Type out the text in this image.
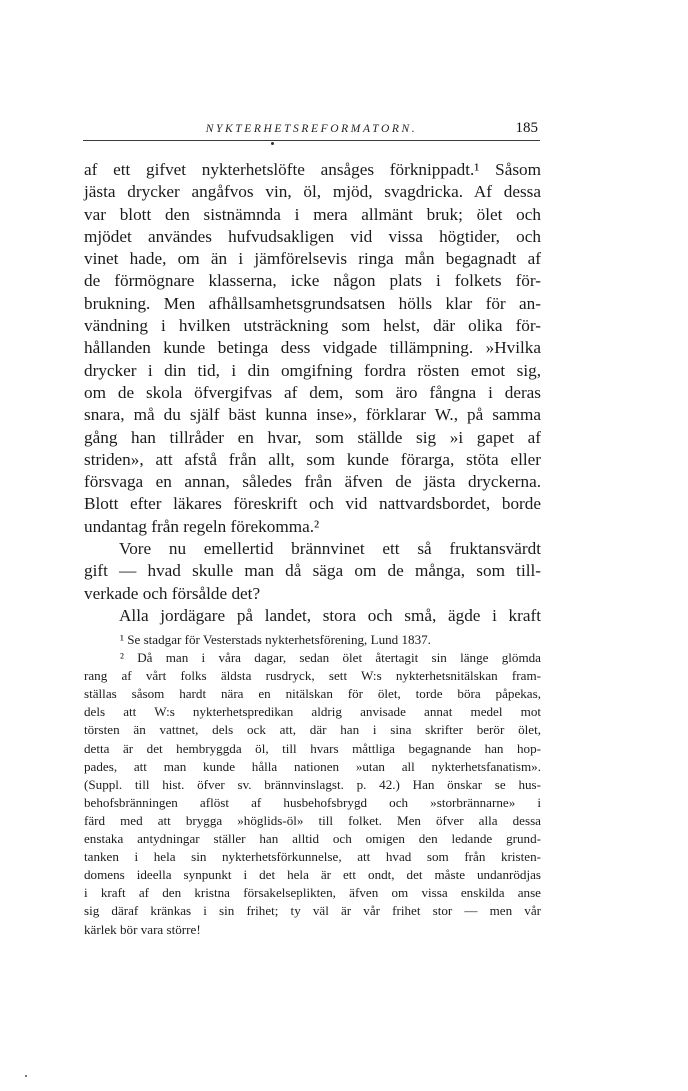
NYKTERHETSREFORMATORN.	185
af ett gifvet nykterhetslöfte ansåges förknippadt.¹ Såsom
jästa drycker angåfvos vin, öl, mjöd, svagdricka. Af dessa
var blott den sistnämnda i mera allmänt bruk; ölet och
mjödet användes hufvudsakligen vid vissa högtider, och
vinet hade, om än i jämförelsevis ringa mån begagnadt af
de förmögnare klasserna, icke någon plats i folkets för-
brukning. Men afhållsamhetsgrundsatsen hölls klar för an-
vändning i hvilken utsträckning som helst, där olika för-
hållanden kunde betinga dess vidgade tillämpning. »Hvilka
drycker i din tid, i din omgifning fordra rösten emot sig,
om de skola öfvergifvas af dem, som äro fångna i deras
snara, må du själf bäst kunna inse», förklarar W., på samma
gång han tillråder en hvar, som ställde sig »i gapet af
striden», att afstå från allt, som kunde förarga, stöta eller
försvaga en annan, således från äfven de jästa dryckerna.
Blott efter läkares föreskrift och vid nattvardsbordet, borde
undantag från regeln förekomma.²
Vore nu emellertid brännvinet ett så fruktansvärdt
gift — hvad skulle man då säga om de många, som till-
verkade och försålde det?
Alla jordägare på landet, stora och små, ägde i kraft
¹ Se stadgar för Vesterstads nykterhetsförening, Lund 1837.
² Då man i våra dagar, sedan ölet återtagit sin länge glömda
rang af vårt folks äldsta rusdryck, sett W:s nykterhetsnitälskan fram-
ställas såsom hardt nära en nitälskan för ölet, torde böra påpekas,
dels att W:s nykterhetspredikan aldrig anvisade annat medel mot
törsten än vattnet, dels ock att, där han i sina skrifter berör ölet,
detta är det hembryggda öl, till hvars måttliga begagnande han hop-
pades, att man kunde hålla nationen »utan all nykterhetsfanatism».
(Suppl. till hist. öfver sv. brännvinslagst. p. 42.) Han önskar se hus-
behofsbränningen aflöst af husbehofsbrygd och »storbrännarne» i
färd med att brygga »höglids-öl» till folket. Men öfver alla dessa
enstaka antydningar ställer han alltid och omigen den ledande grund-
tanken i hela sin nykterhetsförkunnelse, att hvad som från kristen-
domens ideella synpunkt i det hela är ett ondt, det måste undanrödjas
i kraft af den kristna försakelseplikten, äfven om vissa enskilda anse
sig däraf kränkas i sin frihet; ty väl är vår frihet stor — men vår
kärlek bör vara större!
